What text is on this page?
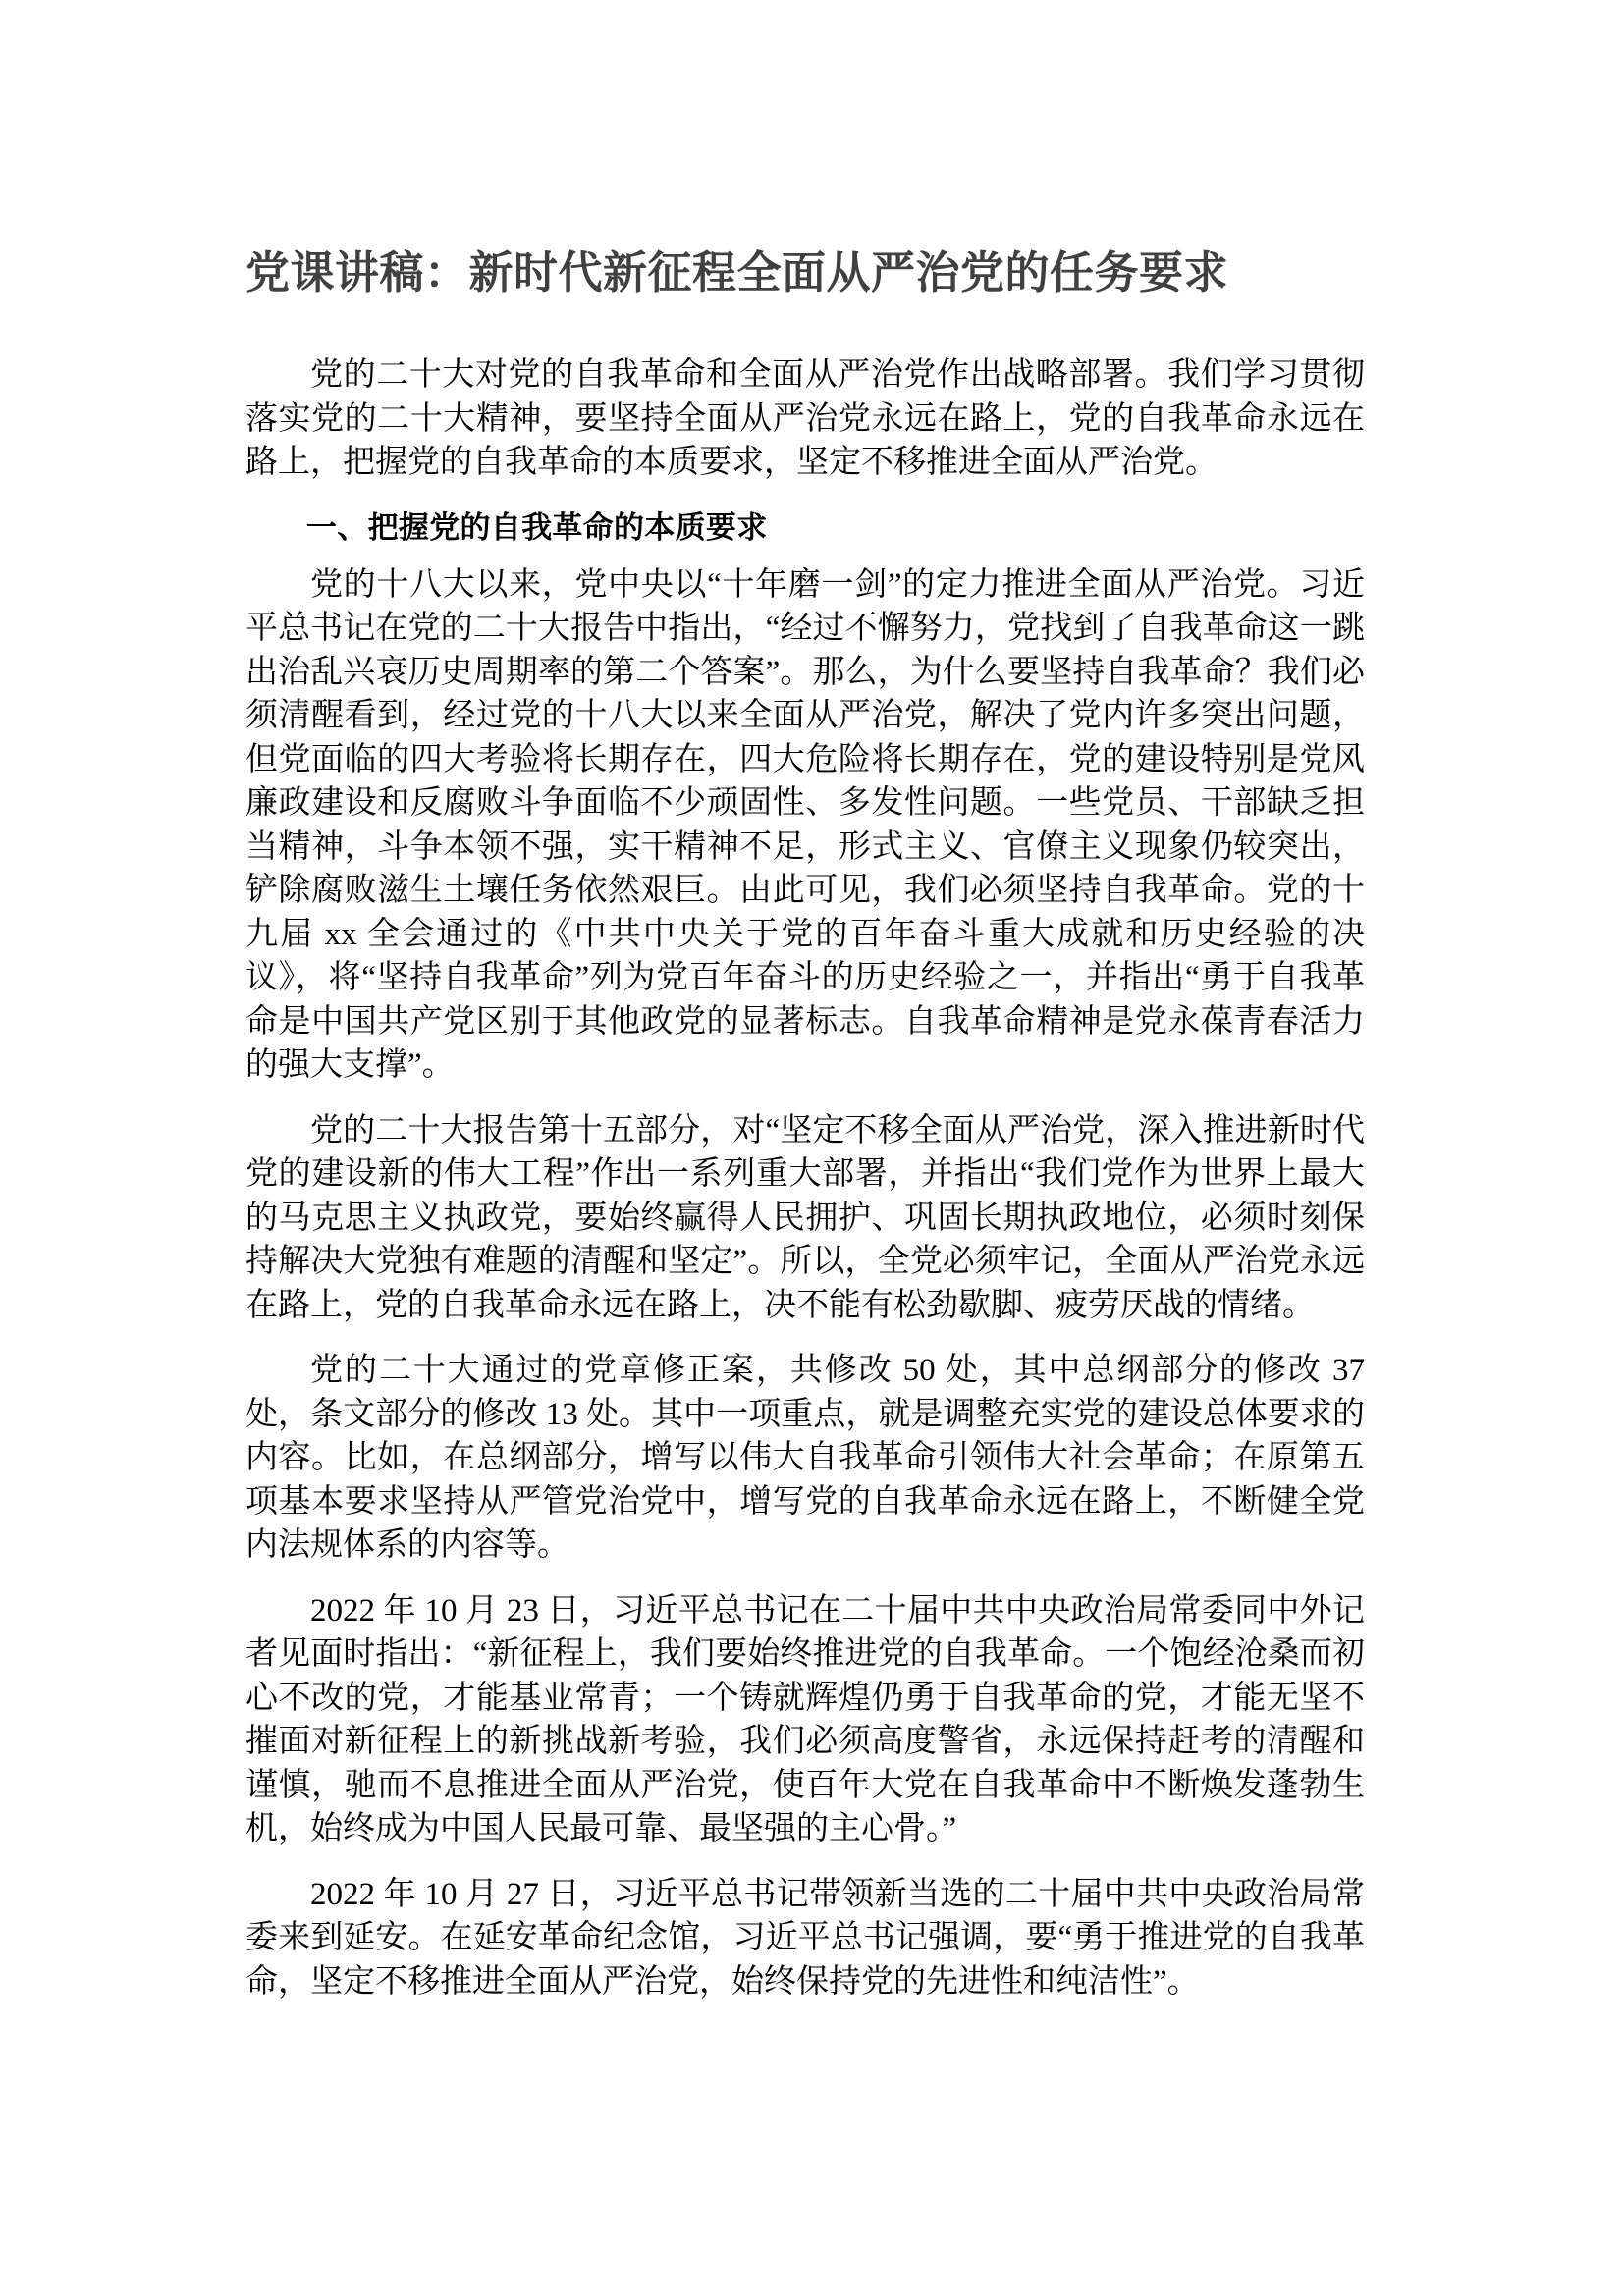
党课讲稿：新时代新征程全面从严治党的任务要求

党的二十大对党的自我革命和全面从严治党作出战略部署。我们学习贯彻落实党的二十大精神，要坚持全面从严治党永远在路上，党的自我革命永远在路上，把握党的自我革命的本质要求，坚定不移推进全面从严治党。

一、把握党的自我革命的本质要求

党的十八大以来，党中央以“十年磨一剑”的定力推进全面从严治党。习近平总书记在党的二十大报告中指出，“经过不懈努力，党找到了自我革命这一跳出治乱兴衰历史周期率的第二个答案”。那么，为什么要坚持自我革命？我们必须清醒看到，经过党的十八大以来全面从严治党，解决了党内许多突出问题，但党面临的四大考验将长期存在，四大危险将长期存在，党的建设特别是党风廉政建设和反腐败斗争面临不少顽固性、多发性问题。一些党员、干部缺乏担当精神，斗争本领不强，实干精神不足，形式主义、官僚主义现象仍较突出，铲除腐败滋生土壤任务依然艰巨。由此可见，我们必须坚持自我革命。党的十九届 xx 全会通过的《中共中央关于党的百年奋斗重大成就和历史经验的决议》，将“坚持自我革命”列为党百年奋斗的历史经验之一，并指出“勇于自我革命是中国共产党区别于其他政党的显著标志。自我革命精神是党永葆青春活力的强大支撑”。

党的二十大报告第十五部分，对“坚定不移全面从严治党，深入推进新时代党的建设新的伟大工程”作出一系列重大部署，并指出“我们党作为世界上最大的马克思主义执政党，要始终赢得人民拥护、巩固长期执政地位，必须时刻保持解决大党独有难题的清醒和坚定”。所以，全党必须牢记，全面从严治党永远在路上，党的自我革命永远在路上，决不能有松劲歇脚、疲劳厌战的情绪。

党的二十大通过的党章修正案，共修改 50 处，其中总纲部分的修改 37 处，条文部分的修改 13 处。其中一项重点，就是调整充实党的建设总体要求的内容。比如，在总纲部分，增写以伟大自我革命引领伟大社会革命；在原第五项基本要求坚持从严管党治党中，增写党的自我革命永远在路上，不断健全党内法规体系的内容等。

2022 年 10 月 23 日，习近平总书记在二十届中共中央政治局常委同中外记者见面时指出：“新征程上，我们要始终推进党的自我革命。一个饱经沧桑而初心不改的党，才能基业常青；一个铸就辉煌仍勇于自我革命的党，才能无坚不摧面对新征程上的新挑战新考验，我们必须高度警省，永远保持赶考的清醒和谨慎，驰而不息推进全面从严治党，使百年大党在自我革命中不断焕发蓬勃生机，始终成为中国人民最可靠、最坚强的主心骨。”

2022 年 10 月 27 日，习近平总书记带领新当选的二十届中共中央政治局常委来到延安。在延安革命纪念馆，习近平总书记强调，要“勇于推进党的自我革命，坚定不移推进全面从严治党，始终保持党的先进性和纯洁性”。
